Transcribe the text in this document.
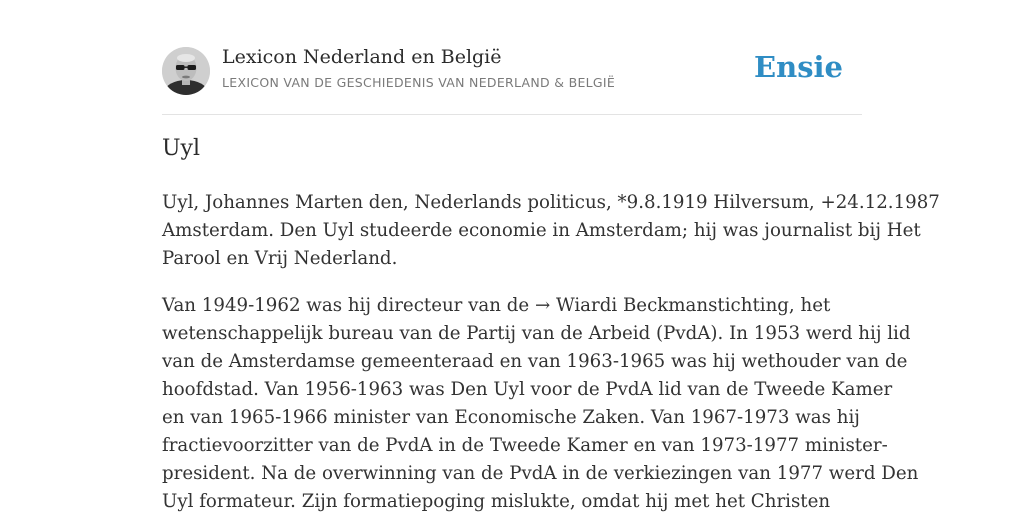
Lexicon Nederland en België
LEXICON VAN DE GESCHIEDENIS VAN NEDERLAND & BELGIË	Ensie
Uyl

Uyl, Johannes Marten den, Nederlands politicus, *9.8.1919 Hilversum, +24.12.1987
Amsterdam. Den Uyl studeerde economie in Amsterdam; hij was journalist bij Het
Parool en Vrij Nederland.

Van 1949-1962 was hij directeur van de → Wiardi Beckmanstichting, het
wetenschappelijk bureau van de Partij van de Arbeid (PvdA). In 1953 werd hij lid
van de Amsterdamse gemeenteraad en van 1963-1965 was hij wethouder van de
hoofdstad. Van 1956-1963 was Den Uyl voor de PvdA lid van de Tweede Kamer
en van 1965-1966 minister van Economische Zaken. Van 1967-1973 was hij
fractievoorzitter van de PvdA in de Tweede Kamer en van 1973-1977 minister-
president. Na de overwinning van de PvdA in de verkiezingen van 1977 werd Den
Uyl formateur. Zijn formatiepoging mislukte, omdat hij met het Christen
